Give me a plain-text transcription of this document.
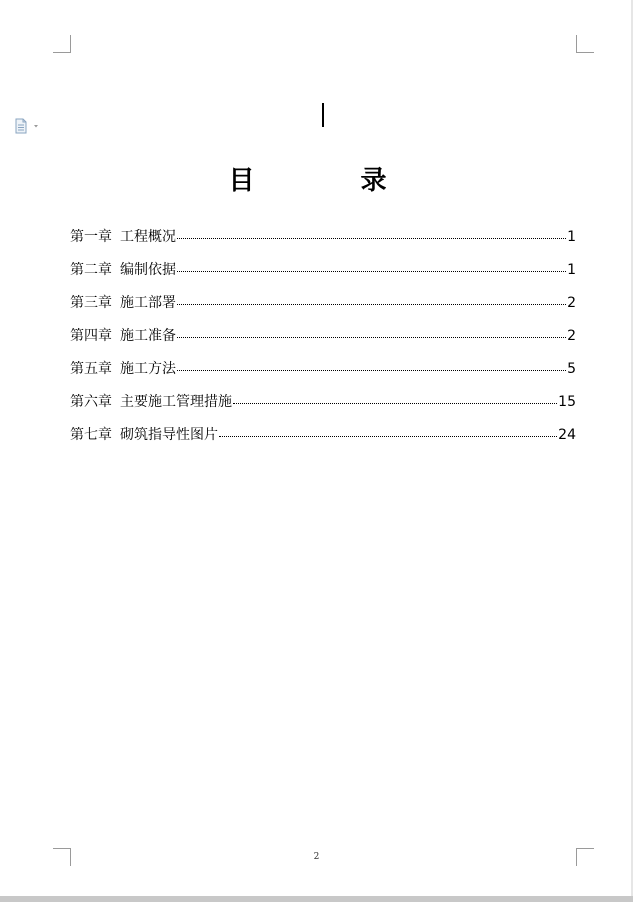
目　录
第一章 工程概况	1
第二章 编制依据	1
第三章 施工部署	2
第四章 施工准备	2
第五章 施工方法	5
第六章 主要施工管理措施	15
第七章 砌筑指导性图片	24
2
